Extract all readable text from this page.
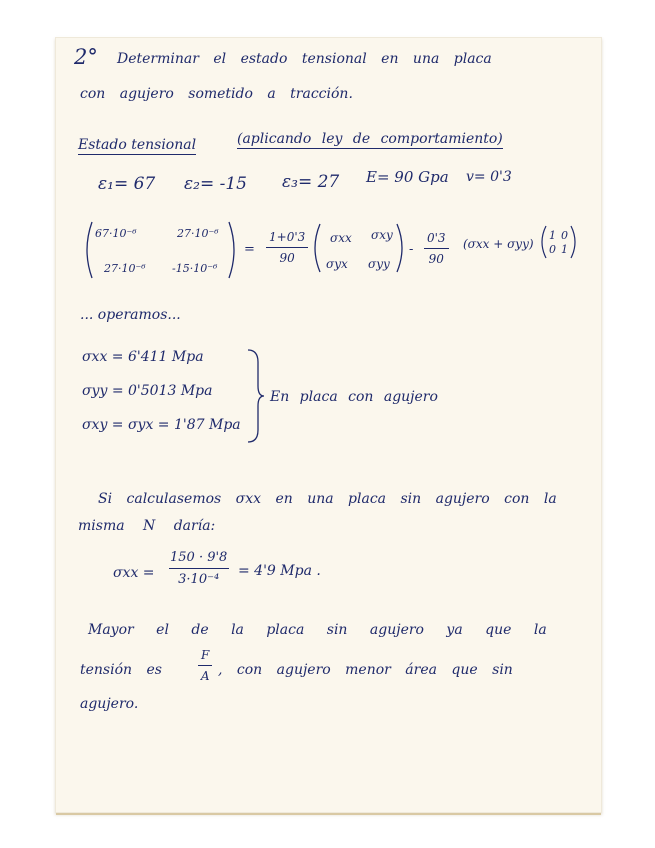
2° Determinar el estado tensional en una placa
con agujero sometido a tracción.
Estado tensional	(aplicando ley de comportamiento)
ε₁= 67 ε₂= -15 ε₃= 27 E= 90 Gpa v= 0'3
67·10⁻⁶	27·10⁻⁶
27·10⁻⁶ -15·10⁻⁶
=
1+0'3
90
σxx σxy
σyx σyy
-
0'3
90
(σxx + σyy)
1 0
0 1
... operamos...
σxx = 6'411 Mpa
σyy = 0'5013 Mpa
σxy = σyx = 1'87 Mpa
En placa con agujero
Si calculasemos σxx en una placa sin agujero con la
misma N daría:
σxx =
150 · 9'8
3·10⁻⁴
= 4'9 Mpa .
Mayor el de la placa sin agujero ya que la
tensión es
F
A , con agujero menor área que sin
agujero.
